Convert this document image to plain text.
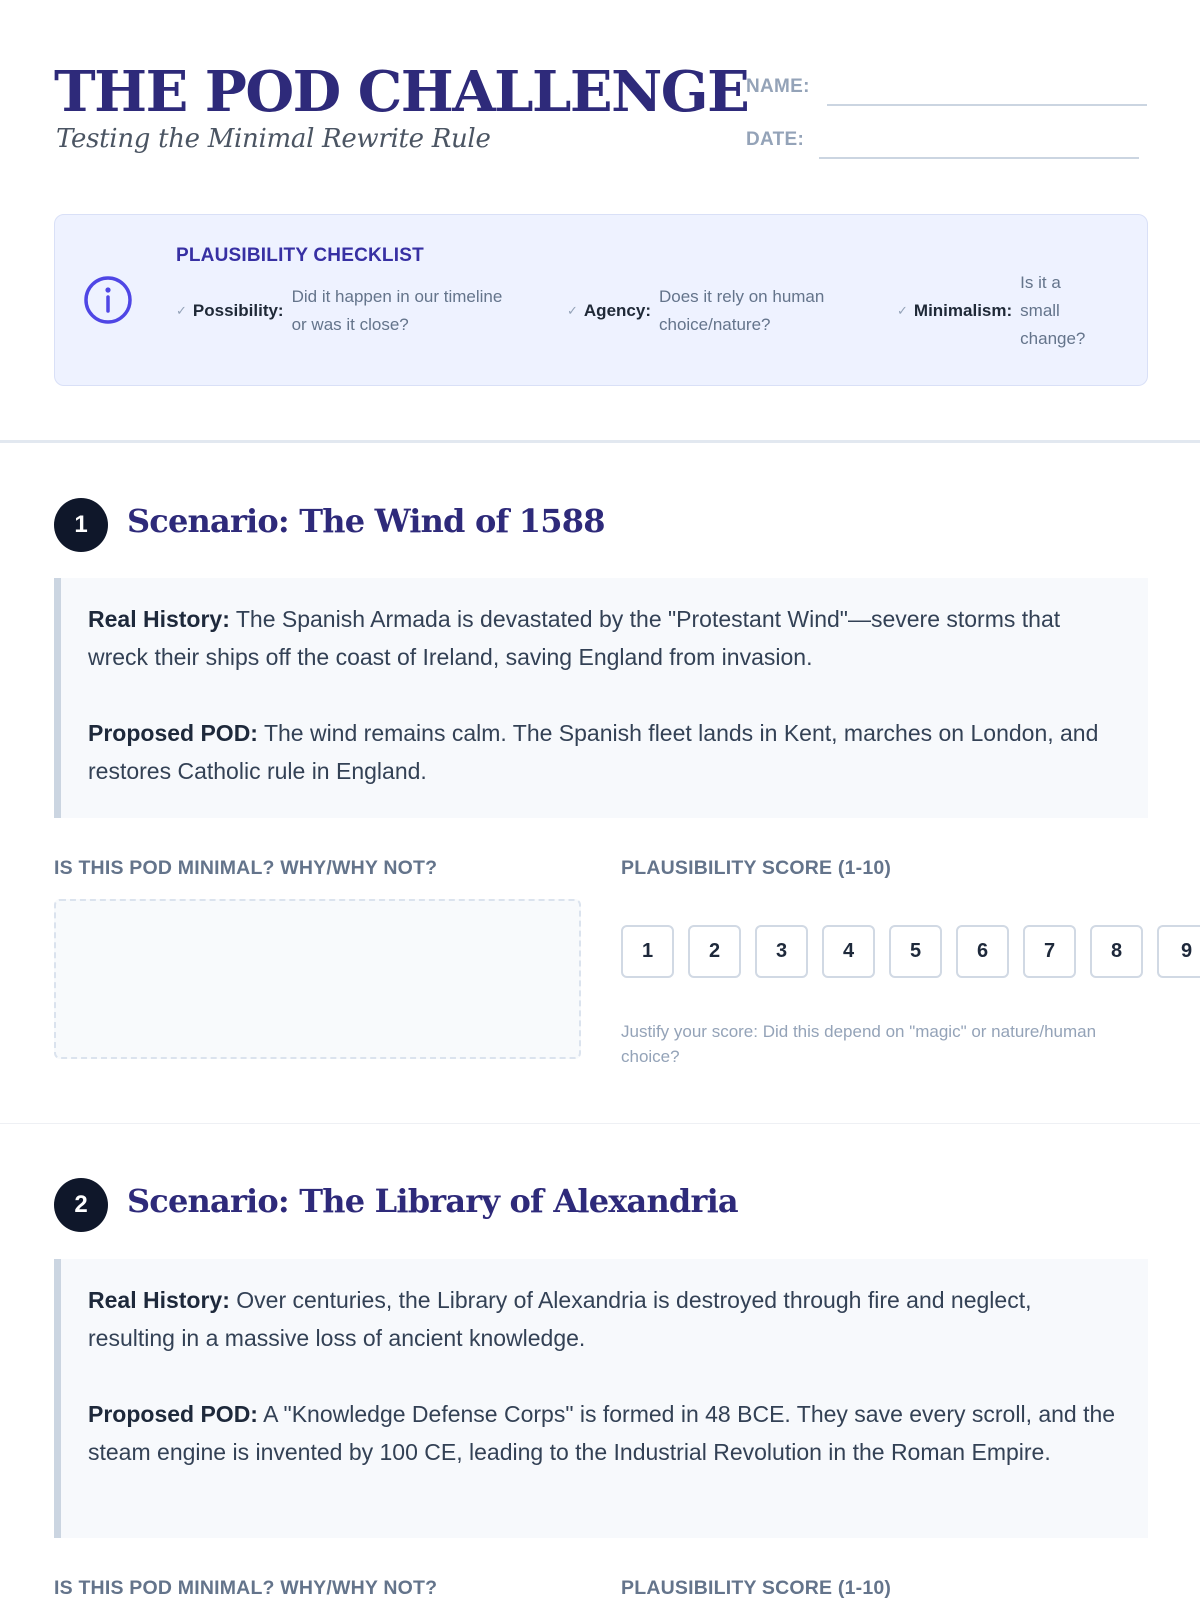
THE POD CHALLENGE
Testing the Minimal Rewrite Rule
NAME:
DATE:
PLAUSIBILITY CHECKLIST
✓ Possibility:
Did it happen in our timeline or was it close?
✓ Agency:
Does it rely on human choice/nature?
✓ Minimalism:
Is it a small change?
1	Scenario: The Wind of 1588

Real History: The Spanish Armada is devastated by the "Protestant Wind"—severe storms that wreck their ships off the coast of Ireland, saving England from invasion.

Proposed POD: The wind remains calm. The Spanish fleet lands in Kent, marches on London, and restores Catholic rule in England.

IS THIS POD MINIMAL? WHY/WHY NOT?	PLAUSIBILITY SCORE (1-10)
1	2	3	4	5	6	7	8	9
Justify your score: Did this depend on "magic" or nature/human choice?
2	Scenario: The Library of Alexandria

Real History: Over centuries, the Library of Alexandria is destroyed through fire and neglect, resulting in a massive loss of ancient knowledge.

Proposed POD: A "Knowledge Defense Corps" is formed in 48 BCE. They save every scroll, and the steam engine is invented by 100 CE, leading to the Industrial Revolution in the Roman Empire.

IS THIS POD MINIMAL? WHY/WHY NOT?	PLAUSIBILITY SCORE (1-10)
